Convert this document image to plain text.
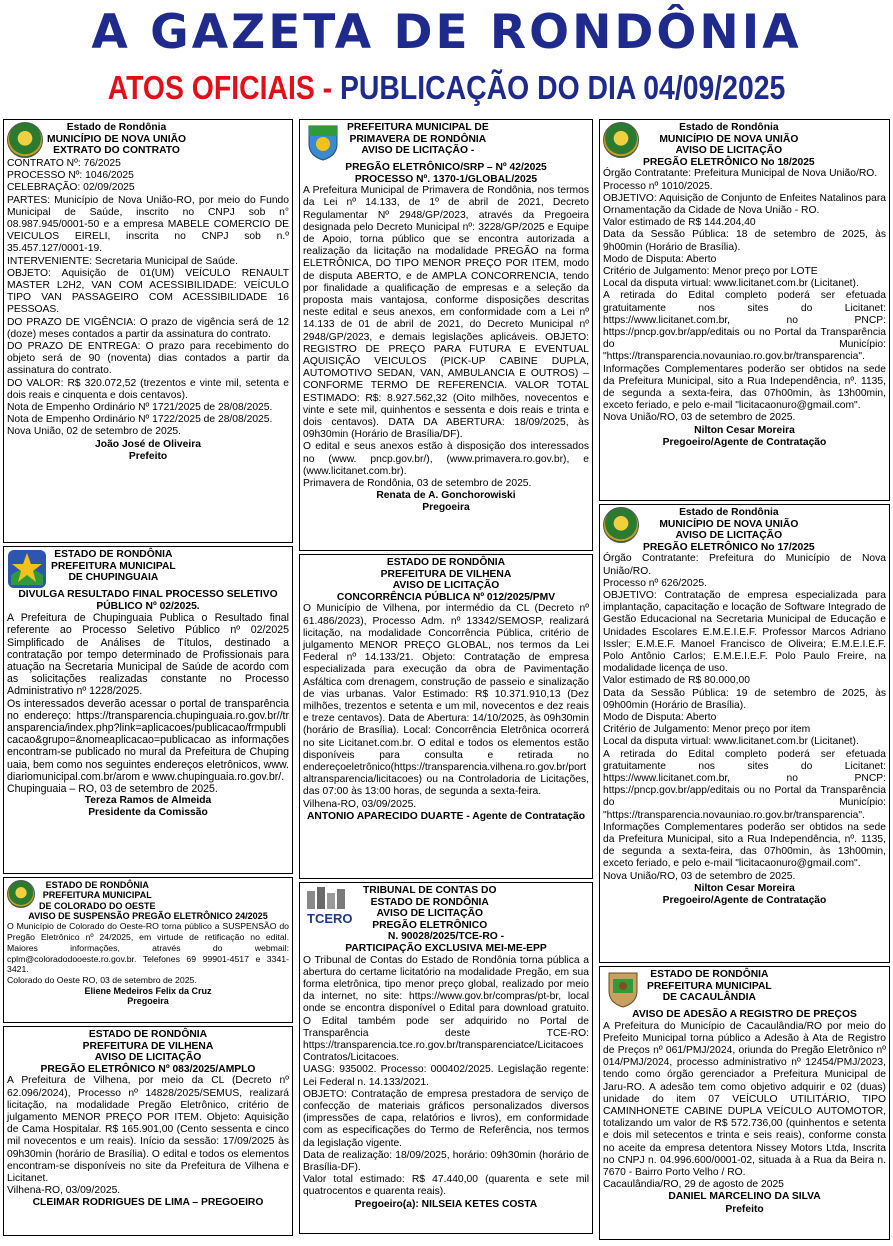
A GAZETA DE RONDÔNIA
ATOS OFICIAIS - PUBLICAÇÃO DO DIA 04/09/2025
Estado de Rondônia
MUNICÍPIO DE NOVA UNIÃO
EXTRATO DO CONTRATO
CONTRATO Nº: 76/2025
PROCESSO Nº: 1046/2025
CELEBRAÇÃO: 02/09/2025
PARTES: Município de Nova União-RO, por meio do Fundo Municipal de Saúde, inscrito no CNPJ sob n° 08.987.945/0001-50 e a empresa MABELE COMERCIO DE VEICULOS EIRELI, inscrita no CNPJ sob n.º 35.457.127/0001-19.
INTERVENIENTE: Secretaria Municipal de Saúde.
OBJETO: Aquisição de 01(UM) VEÍCULO RENAULT MASTER L2H2, VAN COM ACESSIBILIDADE: VEÍCULO TIPO VAN PASSAGEIRO COM ACESSIBILIDADE 16 PESSOAS.
DO PRAZO DE VIGÊNCIA: O prazo de vigência será de 12 (doze) meses contados a partir da assinatura do contrato.
DO PRAZO DE ENTREGA: O prazo para recebimento do objeto será de 90 (noventa) dias contados a partir da assinatura do contrato.
DO VALOR: R$ 320.072,52 (trezentos e vinte mil, setenta e dois reais e cinquenta e dois centavos).
Nota de Empenho Ordinário Nº 1721/2025 de 28/08/2025.
Nota de Empenho Ordinário Nº 1722/2025 de 28/08/2025.
Nova União, 02 de setembro de 2025.
João José de Oliveira
Prefeito
ESTADO DE RONDÔNIA
PREFEITURA MUNICIPAL
DE CHUPINGUAIA
DIVULGA RESULTADO FINAL PROCESSO SELETIVO PÚBLICO Nº 02/2025.
A Prefeitura de Chupinguaia Publica o Resultado final referente ao Processo Seletivo Público nº 02/2025 Simplificado de Análises de Títulos, destinado a contratação por tempo determinado de Profissionais para atuação na Secretaria Municipal de Saúde de acordo com as solicitações realizadas constante no Processo Administrativo nº 1228/2025.
Os interessados deverão acessar o portal de transparência no endereço: https://transparencia.chupinguaia.ro.gov.br//transparencia/index.php?link=aplicacoes/publicacao/frmpublicacao&grupo=&nomeaplicacao=publicacao as informações encontram-se publicado no mural da Prefeitura de Chupinguaia, bem como nos seguintes endereços eletrônicos, www.diariomunicipal.com.br/arom e www.chupinguaia.ro.gov.br/.
Chupinguaia – RO, 03 de setembro de 2025.
Tereza Ramos de Almeida
Presidente da Comissão
ESTADO DE RONDÔNIA
PREFEITURA MUNICIPAL
DE COLORADO DO OESTE
AVISO DE SUSPENSÃO PREGÃO ELETRÔNICO 24/2025
O Município de Colorado do Oeste-RO torna público a SUSPENSÃO do Pregão Eletrônico nº 24/2025, em virtude de retificação no edital. Maiores informações, através do webmail: cplm@coloradodooeste.ro.gov.br. Telefones 69 99901-4517 e 3341-3421.
Colorado do Oeste RO, 03 de setembro de 2025.
Eliene Medeiros Felix da Cruz
Pregoeira
ESTADO DE RONDÔNIA
PREFEITURA DE VILHENA
AVISO DE LICITAÇÃO
PREGÃO ELETRÔNICO Nº 083/2025/AMPLO
A Prefeitura de Vilhena, por meio da CL (Decreto nº 62.096/2024), Processo nº 14828/2025/SEMUS, realizará licitação, na modalidade Pregão Eletrônico, critério de julgamento MENOR PREÇO POR ITEM. Objeto: Aquisição de Cama Hospitalar. R$ 165.901,00 (Cento sessenta e cinco mil novecentos e um reais). Início da sessão: 17/09/2025 às 09h30min (horário de Brasília). O edital e todos os elementos encontram-se disponíveis no site da Prefeitura de Vilhena e Licitanet.
Vilhena-RO, 03/09/2025.
CLEIMAR RODRIGUES DE LIMA – PREGOEIRO
PREFEITURA MUNICIPAL DE
PRIMAVERA DE RONDÔNIA
AVISO DE LICITAÇÃO -
PREGÃO ELETRÔNICO/SRP – Nº 42/2025
PROCESSO Nº. 1370-1/GLOBAL/2025
A Prefeitura Municipal de Primavera de Rondônia, nos termos da Lei nº 14.133, de 1º de abril de 2021, Decreto Regulamentar Nº 2948/GP/2023, através da Pregoeira designada pelo Decreto Municipal nº: 3228/GP/2025 e Equipe de Apoio, torna público que se encontra autorizada a realização da licitação na modalidade PREGÃO na forma ELETRÔNICA, DO TIPO MENOR PREÇO POR ITEM, modo de disputa ABERTO, e de AMPLA CONCORRENCIA, tendo por finalidade a qualificação de empresas e a seleção da proposta mais vantajosa, conforme disposições descritas neste edital e seus anexos, em conformidade com a Lei nº 14.133 de 01 de abril de 2021, do Decreto Municipal nº 2948/GP/2023, e demais legislações aplicáveis. OBJETO: REGISTRO DE PREÇO PARA FUTURA E EVENTUAL AQUISIÇÃO VEICULOS (PICK-UP CABINE DUPLA, AUTOMOTIVO SEDAN, VAN, AMBULANCIA E OUTROS) – CONFORME TERMO DE REFERENCIA. VALOR TOTAL ESTIMADO: R$: 8.927.562,32 (Oito milhões, novecentos e vinte e sete mil, quinhentos e sessenta e dois reais e trinta e dois centavos). DATA DA ABERTURA: 18/09/2025, às 09h30min (Horário de Brasília/DF).
O edital e seus anexos estão à disposição dos interessados no (www. pncp.gov.br/), (www.primavera.ro.gov.br), e (www.licitanet.com.br).
Primavera de Rondônia, 03 de setembro de 2025.
Renata de A. Gonchorowiski
Pregoeira
ESTADO DE RONDÔNIA
PREFEITURA DE VILHENA
AVISO DE LICITAÇÃO
CONCORRÊNCIA PÚBLICA Nº 012/2025/PMV
O Município de Vilhena, por intermédio da CL (Decreto nº 61.486/2023), Processo Adm. nº 13342/SEMOSP, realizará licitação, na modalidade Concorrência Pública, critério de julgamento MENOR PREÇO GLOBAL, nos termos da Lei Federal nº 14.133/21. Objeto: Contratação de empresa especializada para execução da obra de Pavimentação Asfáltica com drenagem, construção de passeio e sinalização de vias urbanas. Valor Estimado: R$ 10.371.910,13 (Dez milhões, trezentos e setenta e um mil, novecentos e dez reais e treze centavos). Data de Abertura: 14/10/2025, às 09h30min (horário de Brasília). Local: Concorrência Eletrônica ocorrerá no site Licitanet.com.br. O edital e todos os elementos estão disponíveis para consulta e retirada no endereçoeletrônico(https://transparencia.vilhena.ro.gov.br/portaltransparencia/licitacoes) ou na Controladoria de Licitações, das 07:00 às 13:00 horas, de segunda a sexta-feira.
Vilhena-RO, 03/09/2025.
ANTONIO APARECIDO DUARTE - Agente de Contratação
TCERO
TRIBUNAL DE CONTAS DO
ESTADO DE RONDÔNIA
AVISO DE LICITAÇÃO
PREGÃO ELETRÔNICO
N. 90028/2025/TCE-RO -
PARTICIPAÇÃO EXCLUSIVA MEI-ME-EPP
O Tribunal de Contas do Estado de Rondônia torna pública a abertura do certame licitatório na modalidade Pregão, em sua forma eletrônica, tipo menor preço global, realizado por meio da internet, no site: https://www.gov.br/compras/pt-br, local onde se encontra disponível o Edital para download gratuito. O Edital também pode ser adquirido no Portal de Transparência deste TCE-RO: https://transparencia.tce.ro.gov.br/transparenciatce/LicitacoesContratos/Licitacoes.
UASG: 935002. Processo: 000402/2025. Legislação regente: Lei Federal n. 14.133/2021.
OBJETO: Contratação de empresa prestadora de serviço de confecção de materiais gráficos personalizados diversos (impressões de capa, relatórios e livros), em conformidade com as especificações do Termo de Referência, nos termos da legislação vigente.
Data de realização: 18/09/2025, horário: 09h30min (horário de Brasília-DF).
Valor total estimado: R$ 47.440,00 (quarenta e sete mil quatrocentos e quarenta reais).
Pregoeiro(a): NILSEIA KETES COSTA
Estado de Rondônia
MUNICÍPIO DE NOVA UNIÃO
AVISO DE LICITAÇÃO
PREGÃO ELETRÔNICO No 18/2025
Órgão Contratante: Prefeitura Municipal de Nova União/RO.
Processo nº 1010/2025.
OBJETIVO: Aquisição de Conjunto de Enfeites Natalinos para Ornamentação da Cidade de Nova União - RO.
Valor estimado de R$ 144.204,40
Data da Sessão Pública: 18 de setembro de 2025, às 9h00min (Horário de Brasília).
Modo de Disputa: Aberto
Critério de Julgamento: Menor preço por LOTE
Local da disputa virtual: www.licitanet.com.br (Licitanet).
A retirada do Edital completo poderá ser efetuada gratuitamente nos sites do Licitanet: https://www.licitanet.com.br, no PNCP: https://pncp.gov.br/app/editais ou no Portal da Transparência do Município: "https://transparencia.novauniao.ro.gov.br/transparencia".
Informações Complementares poderão ser obtidos na sede da Prefeitura Municipal, sito a Rua Independência, nº. 1135, de segunda a sexta-feira, das 07h00min, às 13h00min, exceto feriado, e pelo e-mail "licitacaonuro@gmail.com".
Nova União/RO, 03 de setembro de 2025.
Nilton Cesar Moreira
Pregoeiro/Agente de Contratação
Estado de Rondônia
MUNICÍPIO DE NOVA UNIÃO
AVISO DE LICITAÇÃO
PREGÃO ELETRÔNICO No 17/2025
Órgão Contratante: Prefeitura do Município de Nova União/RO.
Processo nº 626/2025.
OBJETIVO: Contratação de empresa especializada para implantação, capacitação e locação de Software Integrado de Gestão Educacional na Secretaria Municipal de Educação e Unidades Escolares E.M.E.I.E.F. Professor Marcos Adriano Issler; E.M.E.F. Manoel Francisco de Oliveira; E.M.E.I.E.F. Polo Antônio Carlos; E.M.E.I.E.F. Polo Paulo Freire, na modalidade licença de uso.
Valor estimado de R$ 80.000,00
Data da Sessão Pública: 19 de setembro de 2025, às 09h00min (Horário de Brasília).
Modo de Disputa: Aberto
Critério de Julgamento: Menor preço por item
Local da disputa virtual: www.licitanet.com.br (Licitanet).
A retirada do Edital completo poderá ser efetuada gratuitamente nos sites do Licitanet: https://www.licitanet.com.br, no PNCP: https://pncp.gov.br/app/editais ou no Portal da Transparência do Município: "https://transparencia.novauniao.ro.gov.br/transparencia".
Informações Complementares poderão ser obtidos na sede da Prefeitura Municipal, sito a Rua Independência, nº. 1135, de segunda a sexta-feira, das 07h00min, às 13h00min, exceto feriado, e pelo e-mail "licitacaonuro@gmail.com".
Nova União/RO, 03 de setembro de 2025.
Nilton Cesar Moreira
Pregoeiro/Agente de Contratação
ESTADO DE RONDÔNIA
PREFEITURA MUNICIPAL
DE CACAULÂNDIA
AVISO DE ADESÃO A REGISTRO DE PREÇOS
A Prefeitura do Município de Cacaulândia/RO por meio do Prefeito Municipal torna público a Adesão à Ata de Registro de Preços nº 061/PMJ/2024, oriunda do Pregão Eletrônico nº 014/PMJ/2024, processo administrativo nº 12454/PMJ/2023, tendo como órgão gerenciador a Prefeitura Municipal de Jaru-RO. A adesão tem como objetivo adquirir e 02 (duas) unidade do item 07 VEÍCULO UTILITÁRIO, TIPO CAMINHONETE CABINE DUPLA VEÍCULO AUTOMOTOR, totalizando um valor de R$ 572.736,00 (quinhentos e setenta e dois mil setecentos e trinta e seis reais), conforme consta no aceite da empresa detentora Nissey Motors Ltda, Inscrita no CNPJ n. 04.996.600/0001-02, situada à a Rua da Beira n. 7670 - Bairro Porto Velho / RO.
Cacaulândia/RO, 29 de agosto de 2025
DANIEL MARCELINO DA SILVA
Prefeito
